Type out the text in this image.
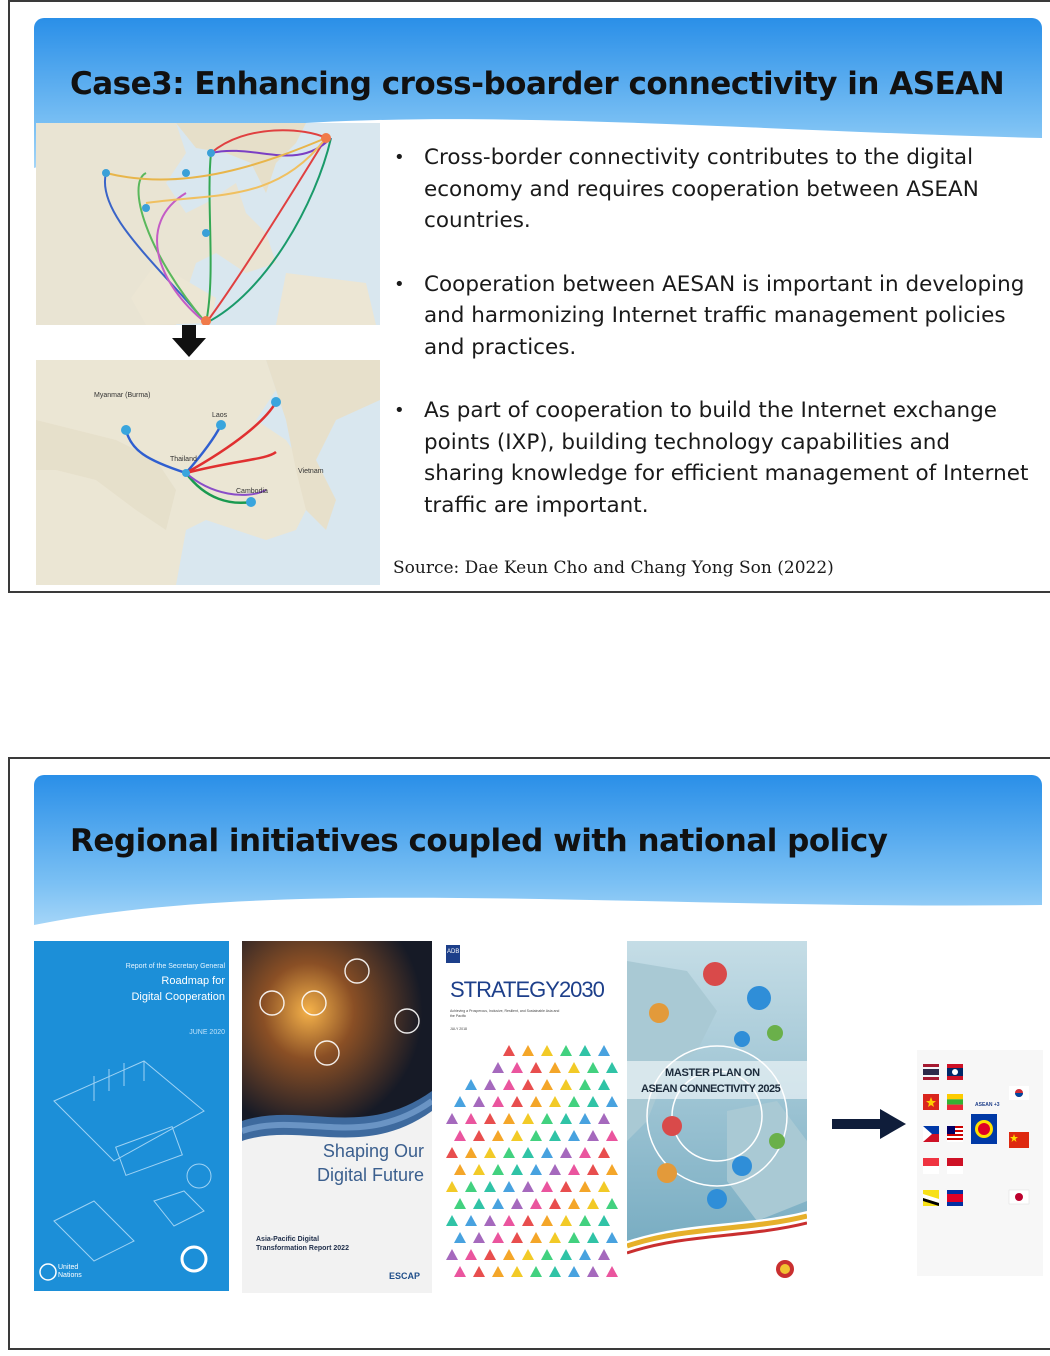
Case3: Enhancing cross-boarder connectivity in ASEAN
Myanmar (Burma)
Laos
Thailand
Vietnam
Cambodia
• Cross-border connectivity contributes to the digital economy and requires cooperation between ASEAN countries.
• Cooperation between AESAN is important in developing and harmonizing Internet traffic management policies and practices.
• As part of cooperation to build the Internet exchange points (IXP), building technology capabilities and sharing knowledge for efficient management of Internet traffic are important.
Source: Dae Keun Cho and Chang Yong Son (2022)
Regional initiatives coupled with national policy
Report of the Secretary General
Roadmap for
Digital Cooperation
JUNE 2020
United
Nations
Shaping Our
Digital Future
Asia-Pacific Digital
Transformation Report 2022
ESCAP
ADB
STRATEGY2030
Achieving a Prosperous, Inclusive, Resilient, and Sustainable Asia and the Pacific
JULY 2018
MASTER PLAN ON
ASEAN CONNECTIVITY 2025
ASEAN +3
